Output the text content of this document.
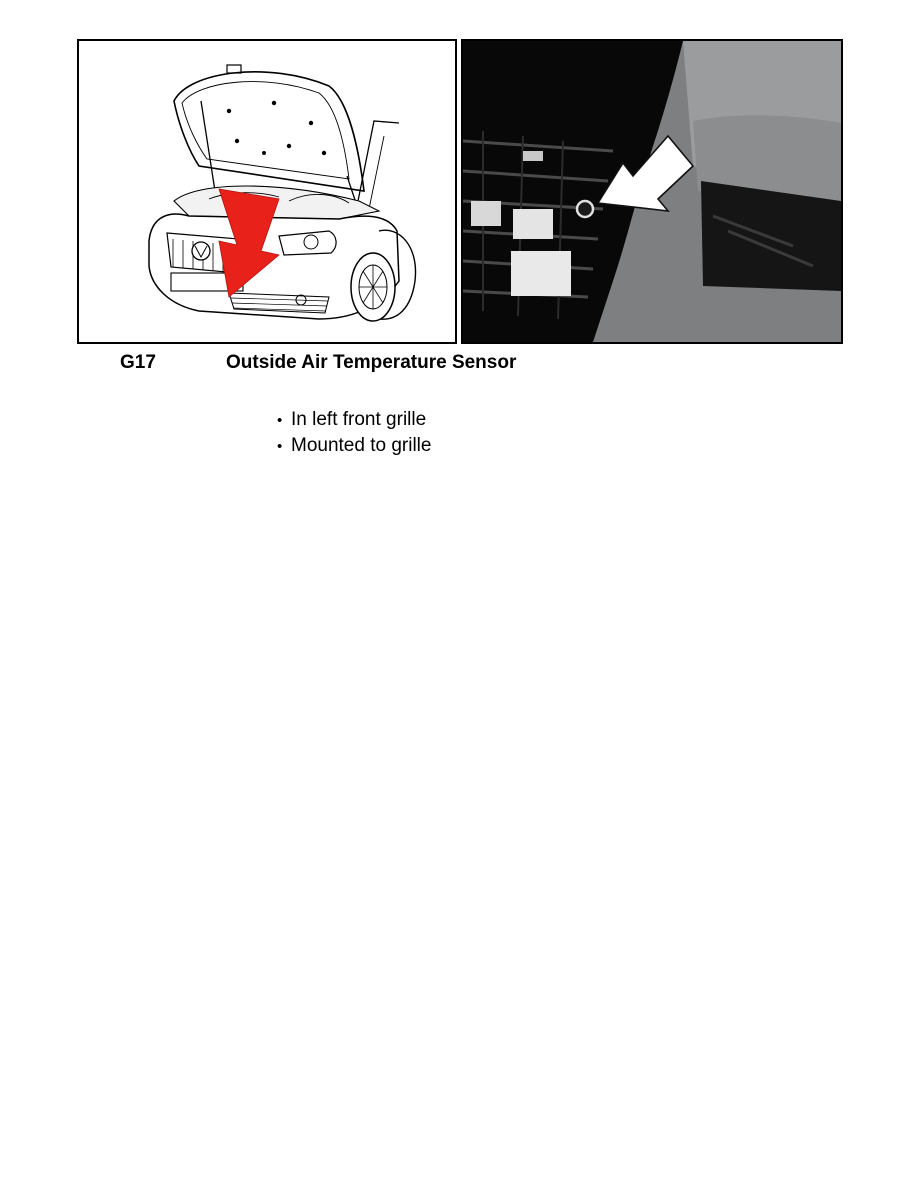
G17	Outside Air Temperature Sensor
• In left front grille
• Mounted to grille
